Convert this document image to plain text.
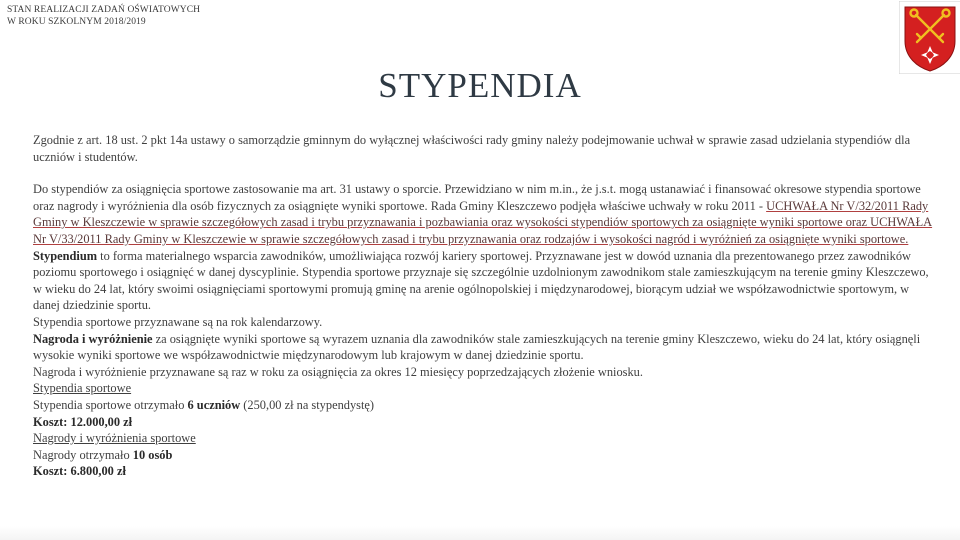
STAN REALIZACJI ZADAŃ OŚWIATOWYCH
W ROKU SZKOLNYM 2018/2019
STYPENDIA

Zgodnie z art. 18 ust. 2 pkt 14a ustawy o samorządzie gminnym do wyłącznej właściwości rady gminy należy podejmowanie uchwał w sprawie zasad udzielania stypendiów dla uczniów i studentów.

Do stypendiów za osiągnięcia sportowe zastosowanie ma art. 31 ustawy o sporcie. Przewidziano w nim m.in., że j.s.t. mogą ustanawiać i finansować okresowe stypendia sportowe oraz nagrody i wyróżnienia dla osób fizycznych za osiągnięte wyniki sportowe. Rada Gminy Kleszczewo podjęła właściwe uchwały w roku 2011 - UCHWAŁA Nr V/32/2011 Rady Gminy w Kleszczewie w sprawie szczegółowych zasad i trybu przyznawania i pozbawiania oraz wysokości stypendiów sportowych za osiągnięte wyniki sportowe oraz UCHWAŁA Nr V/33/2011 Rady Gminy w Kleszczewie w sprawie szczegółowych zasad i trybu przyznawania oraz rodzajów i wysokości nagród i wyróżnień za osiągnięte wyniki sportowe.

Stypendium to forma materialnego wsparcia zawodników, umożliwiająca rozwój kariery sportowej. Przyznawane jest w dowód uznania dla prezentowanego przez zawodników poziomu sportowego i osiągnięć w danej dyscyplinie. Stypendia sportowe przyznaje się szczególnie uzdolnionym zawodnikom stale zamieszkującym na terenie gminy Kleszczewo, w wieku do 24 lat, który swoimi osiągnięciami sportowymi promują gminę na arenie ogólnopolskiej i międzynarodowej, biorącym udział we współzawodnictwie sportowym, w danej dziedzinie sportu.

Stypendia sportowe przyznawane są na rok kalendarzowy.

Nagroda i wyróżnienie za osiągnięte wyniki sportowe są wyrazem uznania dla zawodników stale zamieszkujących na terenie gminy Kleszczewo, wieku do 24 lat, który osiągnęli wysokie wyniki sportowe we współzawodnictwie międzynarodowym lub krajowym w danej dziedzinie sportu.

Nagroda i wyróżnienie przyznawane są raz w roku za osiągnięcia za okres 12 miesięcy poprzedzających złożenie wniosku.

Stypendia sportowe

Stypendia sportowe otrzymało 6 uczniów (250,00 zł na stypendystę)

Koszt: 12.000,00 zł

Nagrody i wyróżnienia sportowe

Nagrody otrzymało 10 osób

Koszt: 6.800,00 zł
